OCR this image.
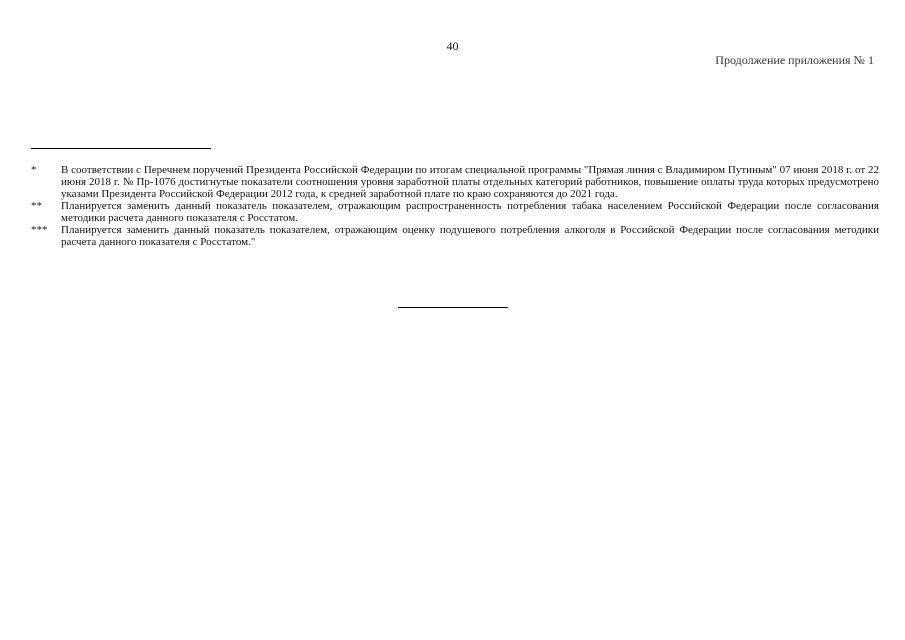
40
Продолжение приложения № 1
*	В соответствии с Перечнем поручений Президента Российской Федерации по итогам специальной программы "Прямая линия с Владимиром Путиным" 07 июня 2018 г. от 22 июня 2018 г. № Пр-1076 достигнутые показатели соотношения уровня заработной платы отдельных категорий работников, повышение оплаты труда которых предусмотрено указами Президента Российской Федерации 2012 года, к средней заработной плате по краю сохраняются до 2021 года.
**	Планируется заменить данный показатель показателем, отражающим распространенность потребления табака населением Российской Федерации после согласования методики расчета данного показателя с Росстатом.
***	Планируется заменить данный показатель показателем, отражающим оценку подушевого потребления алкоголя в Российской Федерации после согласования методики расчета данного показателя с Росстатом."
